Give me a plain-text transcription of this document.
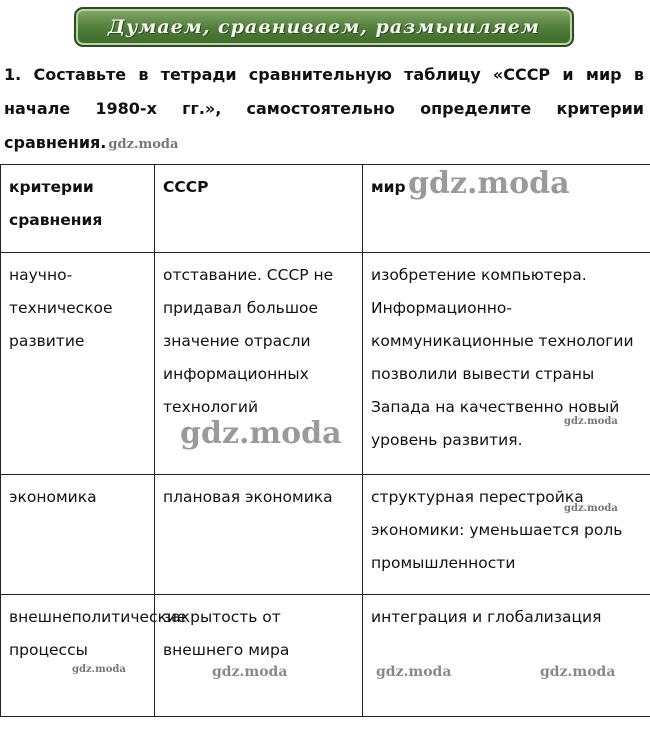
Думаем, сравниваем, размышляем
1. Составьте в тетради сравнительную таблицу «СССР и мир в начале 1980-х гг.», самостоятельно определите критерии сравнения. gdz.moda
критерии сравнения	СССР	мир
научно-техническое развитие	отставание. СССР не придавал большое значение отрасли информационных технологий	изобретение компьютера. Информационно-коммуникационные технологии позволили вывести страны Запада на качественно новый уровень развития.
экономика	плановая экономика	структурная перестройка экономики: уменьшается роль промышленности
внешнеполитические процессы	закрытость от внешнего мира	интеграция и глобализация
gdz.moda
gdz.moda	gdz.moda
gdz.moda
gdz.moda	gdz.moda	gdz.moda	gdz.moda
